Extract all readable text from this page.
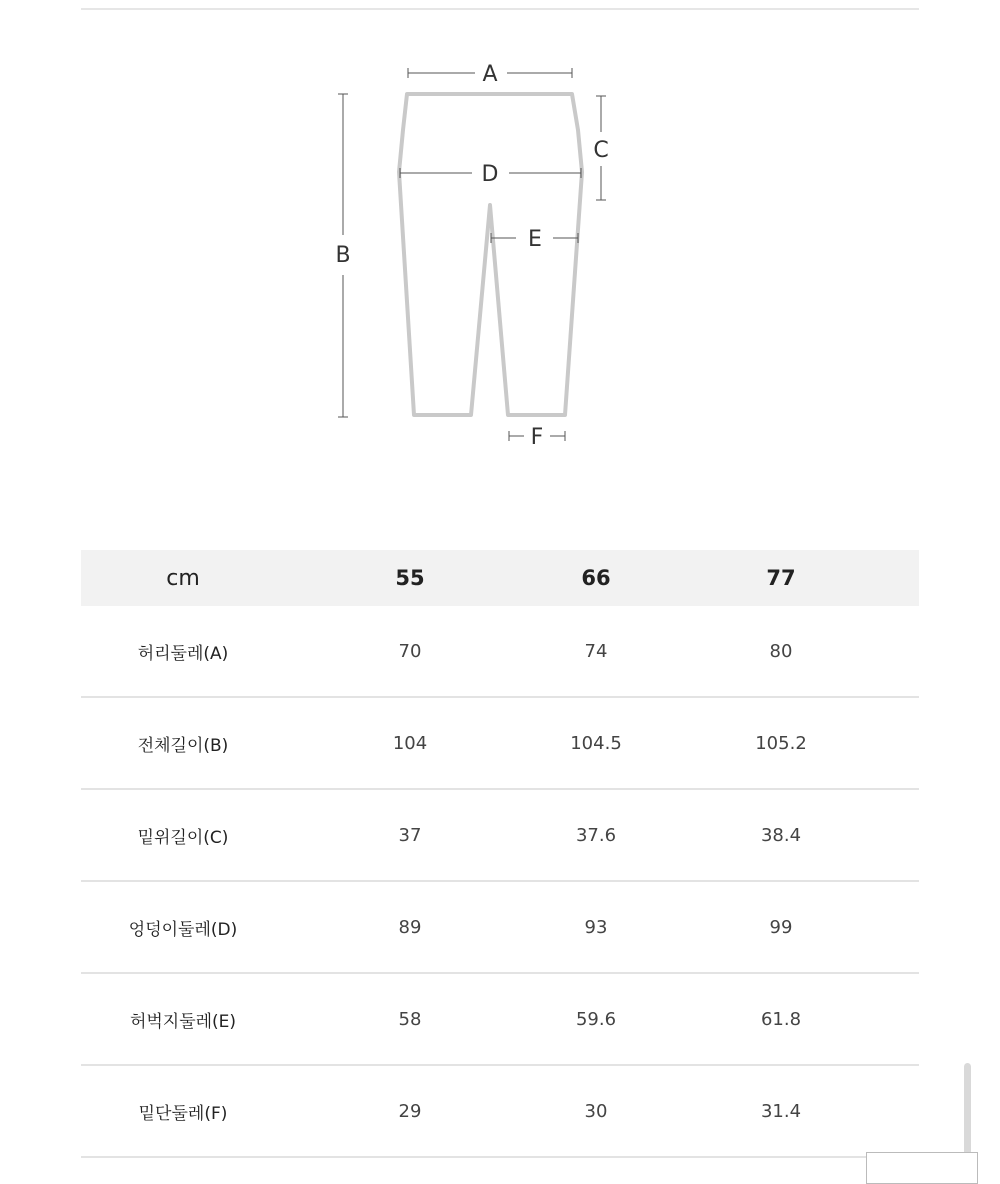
A
B
C
D
E
F
cm	55	66	77
허리둘레(A)	70	74	80
전체길이(B)	104	104.5	105.2
밑위길이(C)	37	37.6	38.4
엉덩이둘레(D)	89	93	99
허벅지둘레(E)	58	59.6	61.8
밑단둘레(F)	29	30	31.4
